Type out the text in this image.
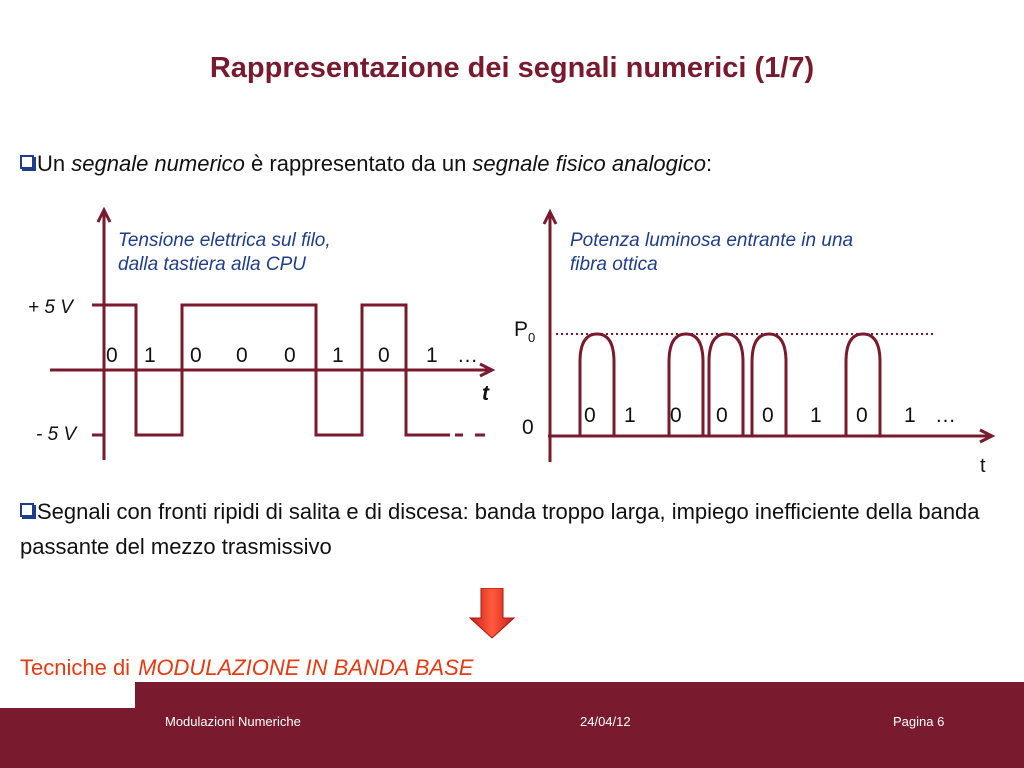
Rappresentazione dei segnali numerici (1/7)
Un segnale numerico è rappresentato da un segnale fisico analogico:
Tensione elettrica sul filo,
dalla tastiera alla CPU
+ 5 V
- 5 V
0 1 0 0 0 1 0 1 …
t
Potenza luminosa entrante in una
fibra ottica
$P_0$
0
0 1 0 0 0 1 0 1 …
t
Segnali con fronti ripidi di salita e di discesa: banda troppo larga, impiego inefficiente della banda passante del mezzo trasmissivo
Tecniche di MODULAZIONE IN BANDA BASE
Modulazioni Numeriche	24/04/12	Pagina 6
